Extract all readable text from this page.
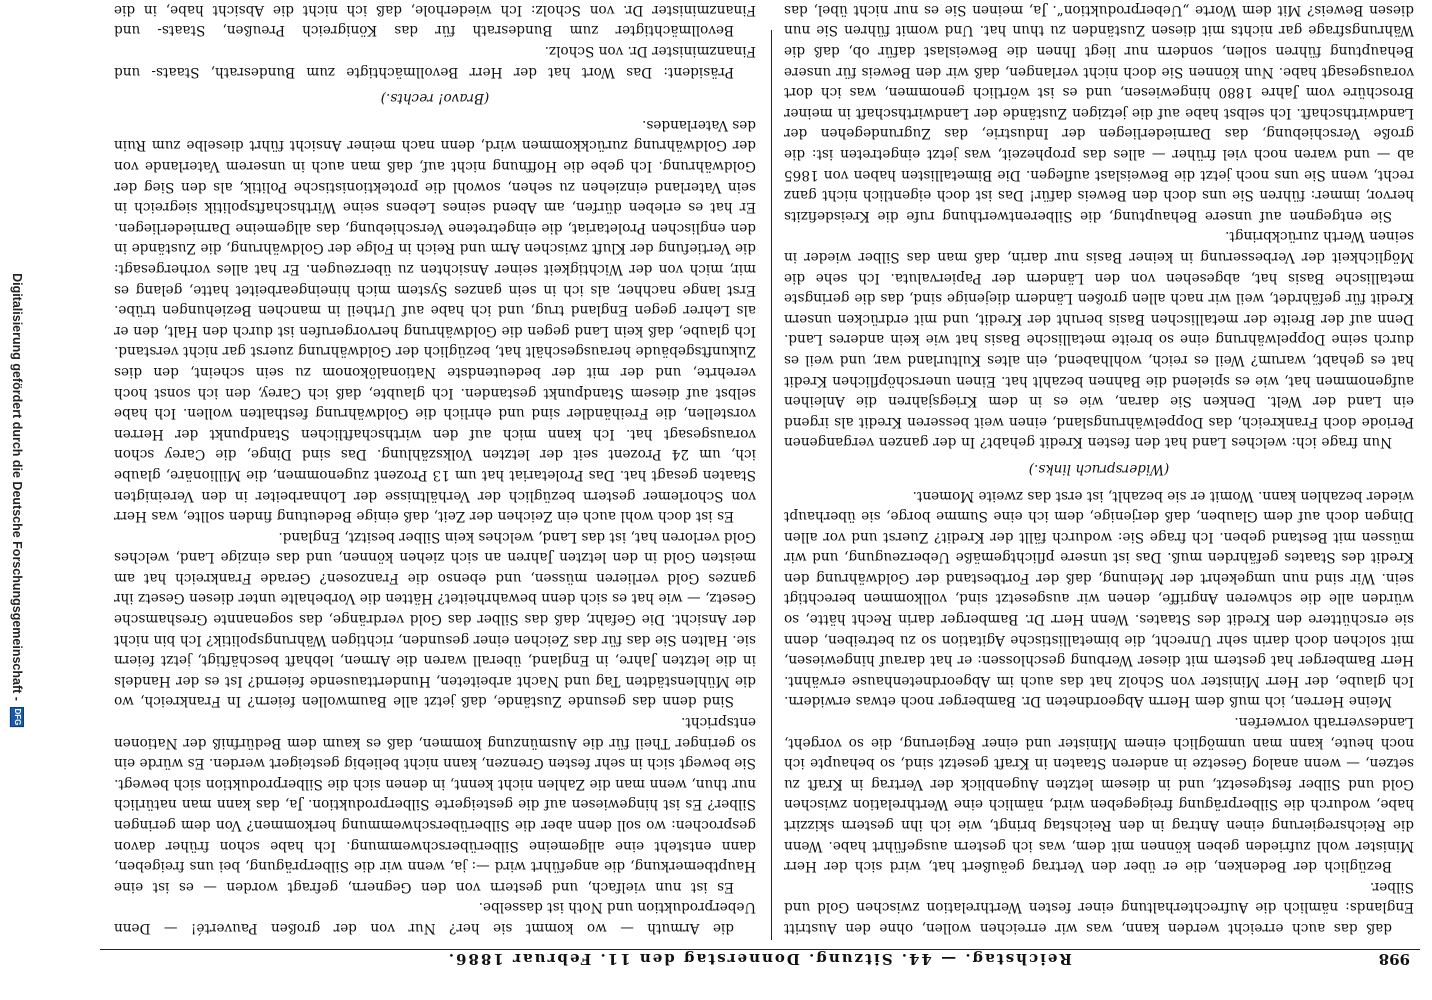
998
Reichstag. — 44. Sitzung. Donnerstag den 11. Februar 1886.

daß das auch erreicht werden kann, was wir erreichen wollen, ohne den Austritt Englands: nämlich die Aufrechterhaltung einer festen Werthrelation zwischen Gold und Silber.

Bezüglich der Bedenken, die er über den Vertrag geäußert hat, wird sich der Herr Minister wohl zufrieden geben können mit dem, was ich gestern ausgeführt habe. Wenn die Reichsregierung einen Antrag in den Reichstag bringt, wie ich ihn gestern skizzirt habe, wodurch die Silberprägung freigegeben wird, nämlich eine Werthrelation zwischen Gold und Silber festgesetzt, und in diesem letzten Augenblick der Vertrag in Kraft zu setzen, — wenn analog Gesetze in anderen Staaten in Kraft gesetzt sind, so behaupte ich noch heute, kann man unmöglich einem Minister und einer Regierung, die so vorgeht, Landesverrath vorwerfen.

Meine Herren, ich muß dem Herrn Abgeordneten Dr. Bamberger noch etwas erwidern. Ich glaube, der Herr Minister von Scholz hat das auch im Abgeordnetenhause erwähnt. Herr Bamberger hat gestern mit dieser Werbung geschlossen: er hat darauf hingewiesen, mit solchen doch darin sehr Unrecht, die bimetallistische Agitation so zu betreiben, denn sie erschüttere den Kredit des Staates. Wenn Herr Dr. Bamberger darin Recht hätte, so würden alle die schweren Angriffe, denen wir ausgesetzt sind, vollkommen berechtigt sein. Wir sind nun umgekehrt der Meinung, daß der Fortbestand der Goldwährung den Kredit des Staates gefährden muß. Das ist unsere pflichtgemäße Ueberzeugung, und wir müssen mit Bestand geben. Ich frage Sie: wodurch fällt der Kredit? Zuerst und vor allen Dingen doch auf dem Glauben, daß derjenige, dem ich eine Summe borge, sie überhaupt wieder bezahlen kann. Womit er sie bezahlt, ist erst das zweite Moment.

(Widerspruch links.)

Nun frage ich: welches Land hat den festen Kredit gehabt? In der ganzen vergangenen Periode doch Frankreich, das Doppelwährungsland, einen weit besseren Kredit als irgend ein Land der Welt. Denken Sie daran, wie es in dem Kriegsjahren die Anleihen aufgenommen hat, wie es spielend die Bahnen bezahlt hat. Einen unerschöpflichen Kredit hat es gehabt, warum? Weil es reich, wohlhabend, ein altes Kulturland war, und weil es durch seine Doppelwährung eine so breite metallische Basis hat wie kein anderes Land. Denn auf der Breite der metallischen Basis beruht der Kredit, und mit erdrücken unsern Kredit für gefährdet, weil wir nach allen großen Ländern diejenige sind, das die geringste metallische Basis hat, abgesehen von den Ländern der Papiervaluta. Ich sehe die Möglichkeit der Verbesserung in keiner Basis nur darin, daß man das Silber wieder in seinen Werth zurückbringt.

Sie entgegnen auf unsere Behauptung, die Silberentwerthung rufe die Kreisdefizits hervor, immer: führen Sie uns doch den Beweis dafür! Das ist doch eigentlich nicht ganz recht, wenn Sie uns noch jetzt die Beweislast auflegen. Die Bimetallisten haben von 1865 ab — und waren noch viel früher — alles das prophezeit, was jetzt eingetreten ist: die große Verschiebung, das Darniederliegen der Industrie, das Zugrundegehen der Landwirthschaft. Ich selbst habe auf die jetzigen Zustände der Landwirthschaft in meiner Broschüre vom Jahre 1880 hingewiesen, und es ist wörtlich genommen, was ich dort vorausgesagt habe. Nun können Sie doch nicht verlangen, daß wir den Beweis für unsere Behauptung führen sollen, sondern nur liegt Ihnen die Beweislast dafür ob, daß die Währungsfrage gar nichts mit diesen Zuständen zu thun hat. Und womit führen Sie nun diesen Beweis? Mit dem Worte „Ueberproduktion“. Ja, meinen Sie es nur nicht übel, das

die Armuth — wo kommt sie her? Nur von der großen Pauverté! — Denn Ueberproduktion und Noth ist dasselbe.

Es ist nun vielfach, und gestern von den Gegnern, gefragt worden — es ist eine Hauptbemerkung, die angeführt wird —: ja, wenn wir die Silberprägung, bei uns freigeben, dann entsteht eine allgemeine Silberüberschwemmung. Ich habe schon früher davon gesprochen: wo soll denn aber die Silberüberschwemmung herkommen? Von dem geringen Silber? Es ist hingewiesen auf die gesteigerte Silberproduktion. Ja, das kann man natürlich nur thun, wenn man die Zahlen nicht kennt, in denen sich die Silberproduktion sich bewegt. Sie bewegt sich in sehr festen Grenzen, kann nicht beliebig gesteigert werden. Es würde ein so geringer Theil für die Ausmünzung kommen, daß es kaum dem Bedürfniß der Nationen entspricht.

Sind denn das gesunde Zustände, daß jetzt alle Baumwollen feiern? In Frankreich, wo die Mühlenstädten Tag und Nacht arbeiteten, Hunderttausende feiernd? Ist es der Handels in die letzten Jahre, in England, überall waren die Armen, lebhaft beschäftigt, jetzt feiern sie. Halten Sie das für das Zeichen einer gesunden, richtigen Währungspolitik? Ich bin nicht der Ansicht. Die Gefahr, daß das Silber das Gold verdränge, das sogenannte Greshamsche Gesetz, — wie hat es sich denn bewahrheitet? Hätten die Vorbehalte unter diesen Gesetz ihr ganzes Gold verlieren müssen, und ebenso die Franzosen? Gerade Frankreich hat am meisten Gold in den letzten Jahren an sich ziehen können, und das einzige Land, welches Gold verloren hat, ist das Land, welches kein Silber besitzt, England.

Es ist doch wohl auch ein Zeichen der Zeit, daß einige Bedeutung finden sollte, was Herr von Schorlemer gestern bezüglich der Verhältnisse der Lohnarbeiter in den Vereinigten Staaten gesagt hat. Das Proletariat hat um 13 Prozent zugenommen, die Millionäre, glaube ich, um 24 Prozent seit der letzten Volkszählung. Das sind Dinge, die Carey schon vorausgesagt hat. Ich kann mich auf den wirthschaftlichen Standpunkt der Herren vorstellen, die Freihändler sind und ehrlich die Goldwährung festhalten wollen. Ich habe selbst auf diesem Standpunkt gestanden. Ich glaubte, daß ich Carey, den ich sonst hoch verehrte, und der mit der bedeutendste Nationalökonom zu sein scheint, den dies Zukunftsgebäude herausgeschält hat, bezüglich der Goldwährung zuerst gar nicht verstand. Ich glaube, daß kein Land gegen die Goldwährung hervorgerufen ist durch den Halt, den er als Lehrer gegen England trug, und ich habe auf Urtheil in manchen Beziehungen trübe. Erst lange nachher, als ich in sein ganzes System mich hineingearbeitet hatte, gelang es mir, mich von der Wichtigkeit seiner Ansichten zu überzeugen. Er hat alles vorhergesagt: die Vertiefung der Kluft zwischen Arm und Reich in Folge der Goldwährung, die Zustände in den englischen Proletariat, die eingetretene Verschiebung, das allgemeine Darniederliegen. Er hat es erleben dürfen, am Abend seines Lebens seine Wirthschaftspolitik siegreich in sein Vaterland einziehen zu sehen, sowohl die protektionistische Politik, als den Sieg der Goldwährung. Ich gebe die Hoffnung nicht auf, daß man auch in unserem Vaterlande von der Goldwährung zurückkommen wird, denn nach meiner Ansicht führt dieselbe zum Ruin des Vaterlandes.

(Bravo! rechts.)

Präsident: Das Wort hat der Herr Bevollmächtigte zum Bundesrath, Staats- und Finanzminister Dr. von Scholz.

Bevollmächtigter zum Bundesrath für das Königreich Preußen, Staats- und Finanzminister Dr. von Scholz: Ich wiederhole, daß ich nicht die Absicht habe, in die

Digitalisierung gefördert durch die Deutsche Forschungsgemeinschaft -
DFG
